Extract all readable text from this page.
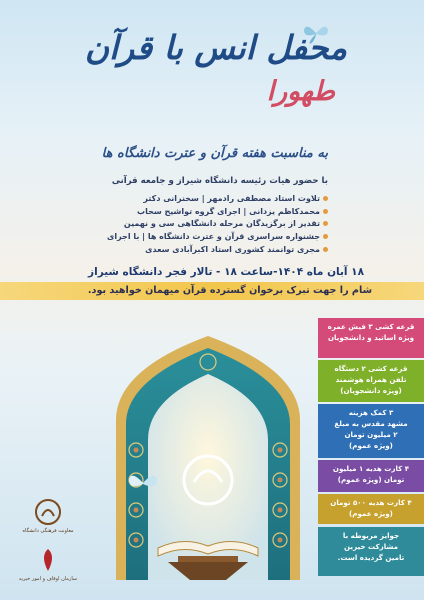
محفل انس با قرآن
طهورا
به مناسبت هفته قرآن و عترت دانشگاه ها
با حضور هیات رئیسه دانشگاه شیراز و جامعه قرآنی
تلاوت استاد مصطفی رادمهر | سخنرانی دکتر
محمدکاظم یزدانی | اجرای گروه تواشیح سحاب
تقدیر از برگزیدگان مرحله دانشگاهی سی و نهمین
جشنواره سراسری قرآن و عترت دانشگاه ها | با اجرای
مجری توانمند کشوری استاد اکبرآبادی سعدی
۱۸ آبان ماه ۱۴۰۴-ساعت ۱۸ - تالار فجر دانشگاه شیراز
شام را جهت تبرک برخوان گسترده قرآن میهمان خواهید بود.
قرعه کشی ۳ فیش عمره
ویژه اساتید و دانشجویان
قرعه کشی ۲ دستگاه
تلفن همراه هوشمند
(ویژه دانشجویان)
۳ کمک هزینه
مشهد مقدس به مبلغ
۲ میلیون تومان
(ویژه عموم)
۴ کارت هدیه ۱ میلیون
تومان (ویژه عموم)
۴ کارت هدیه ۵۰۰ تومان
(ویژه عموم)
جوایز مربوطه با
مشارکت خیرین
تامین گردیده است.
معاونت فرهنگی دانشگاه
سازمان اوقاف و امور خیریه
